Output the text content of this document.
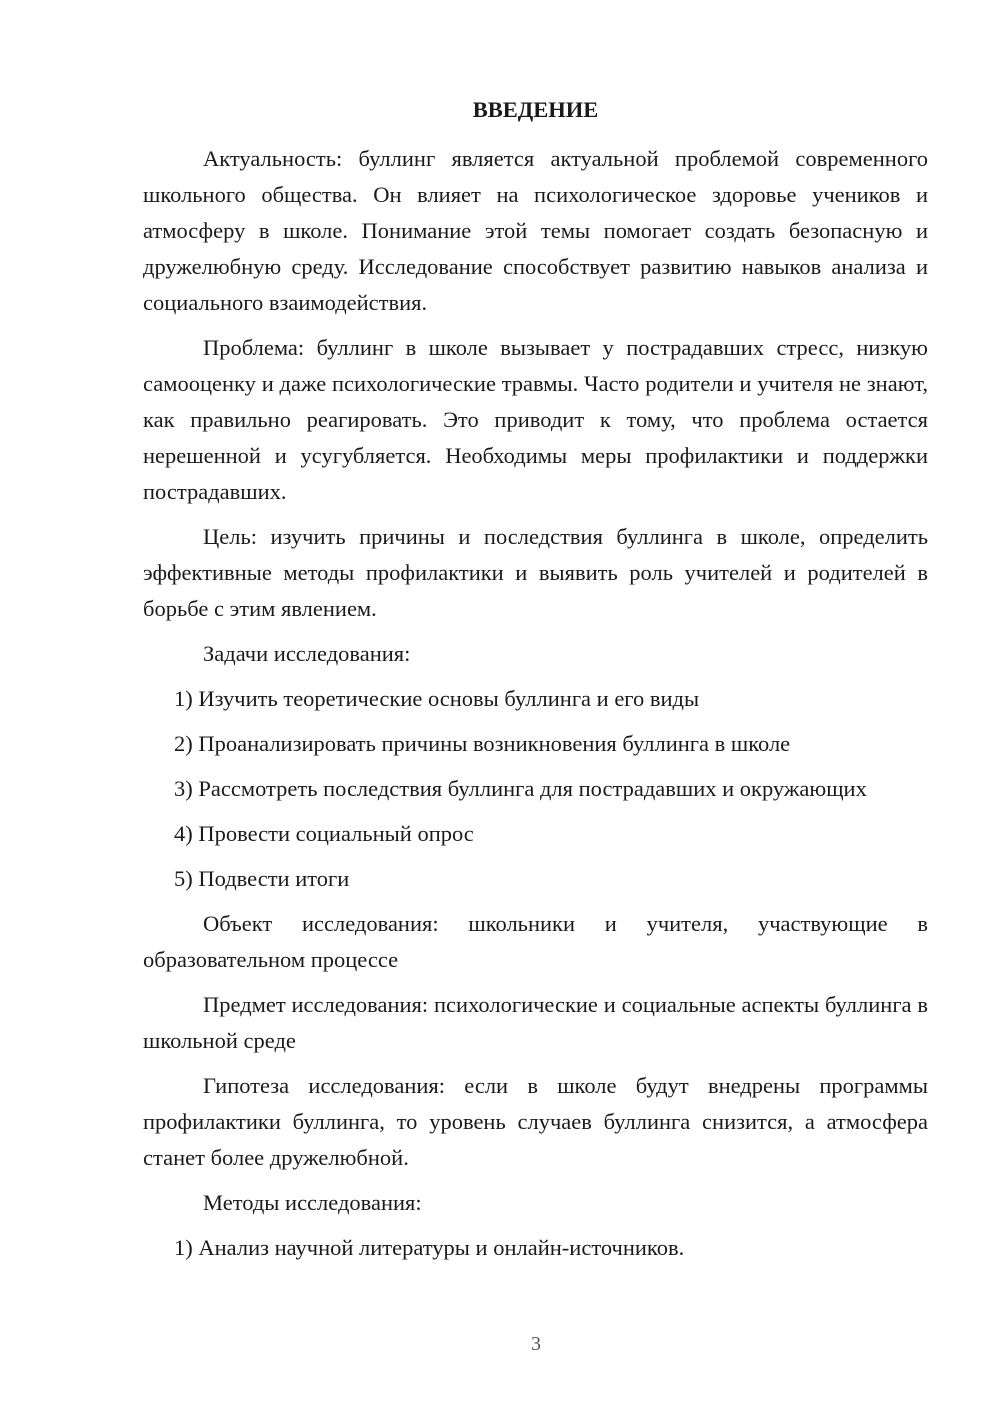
ВВЕДЕНИЕ

Актуальность: буллинг является актуальной проблемой современного школьного общества. Он влияет на психологическое здоровье учеников и атмосферу в школе. Понимание этой темы помогает создать безопасную и дружелюбную среду. Исследование способствует развитию навыков анализа и социального взаимодействия.

Проблема: буллинг в школе вызывает у пострадавших стресс, низкую самооценку и даже психологические травмы. Часто родители и учителя не знают, как правильно реагировать. Это приводит к тому, что проблема остается нерешенной и усугубляется. Необходимы меры профилактики и поддержки пострадавших.

Цель: изучить причины и последствия буллинга в школе, определить эффективные методы профилактики и выявить роль учителей и родителей в борьбе с этим явлением.

Задачи исследования:

1) Изучить теоретические основы буллинга и его виды

2) Проанализировать причины возникновения буллинга в школе

3) Рассмотреть последствия буллинга для пострадавших и окружающих

4) Провести социальный опрос

5) Подвести итоги

Объект исследования: школьники и учителя, участвующие в образовательном процессе

Предмет исследования: психологические и социальные аспекты буллинга в школьной среде

Гипотеза исследования: если в школе будут внедрены программы профилактики буллинга, то уровень случаев буллинга снизится, а атмосфера станет более дружелюбной.

Методы исследования:

1) Анализ научной литературы и онлайн-источников.

3
